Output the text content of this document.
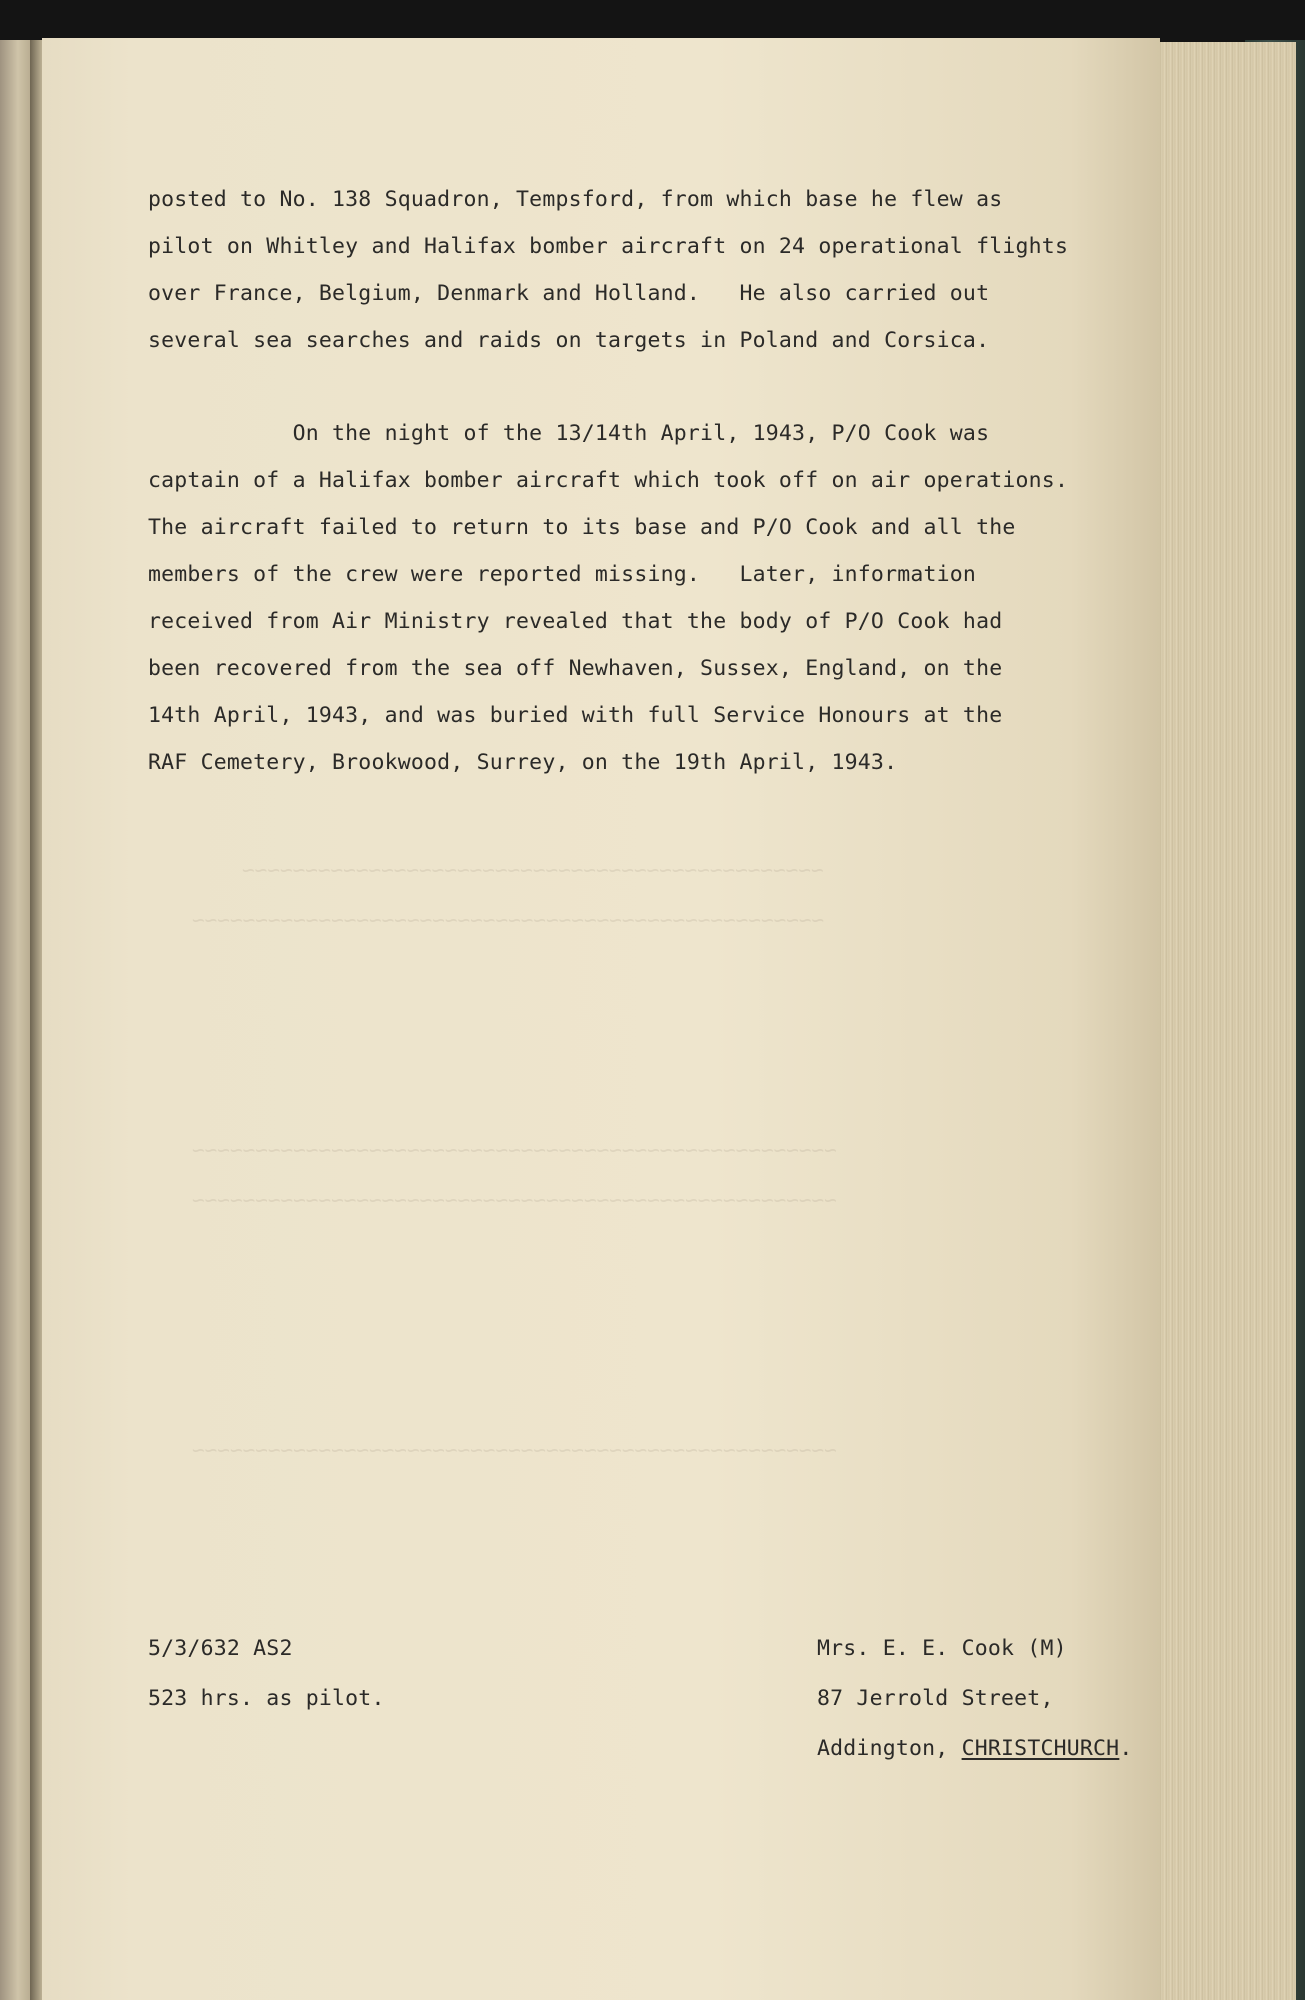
~~~~~~~~~~~~~~~~~~~~~~~~~~~~~~~~~~~~~~~~~~~~~~
~~~~~~~~~~~~~~~~~~~~~~~~~~~~~~~~~~~~~~~~~~~~~~~~~~
~~~~~~~~~~~~~~~~~~~~~~~~~~~~~~~~~~~~~~~~~~~~~~~~~~~
~~~~~~~~~~~~~~~~~~~~~~~~~~~~~~~~~~~~~~~~~~~~~~~~~~~
~~~~~~~~~~~~~~~~~~~~~~~~~~~~~~~~~~~~~~~~~~~~~~~~~~~

posted to No. 138 Squadron, Tempsford, from which base he flew as

pilot on Whitley and Halifax bomber aircraft on 24 operational flights

over France, Belgium, Denmark and Holland.   He also carried out

several sea searches and raids on targets in Poland and Corsica.

On the night of the 13/14th April, 1943, P/O Cook was

captain of a Halifax bomber aircraft which took off on air operations.

The aircraft failed to return to its base and P/O Cook and all the

members of the crew were reported missing.   Later, information

received from Air Ministry revealed that the body of P/O Cook had

been recovered from the sea off Newhaven, Sussex, England, on the

14th April, 1943, and was buried with full Service Honours at the

RAF Cemetery, Brookwood, Surrey, on the 19th April, 1943.

5/3/632 AS2

523 hrs. as pilot.

Mrs. E. E. Cook (M)

87 Jerrold Street,

Addington, CHRISTCHURCH.
